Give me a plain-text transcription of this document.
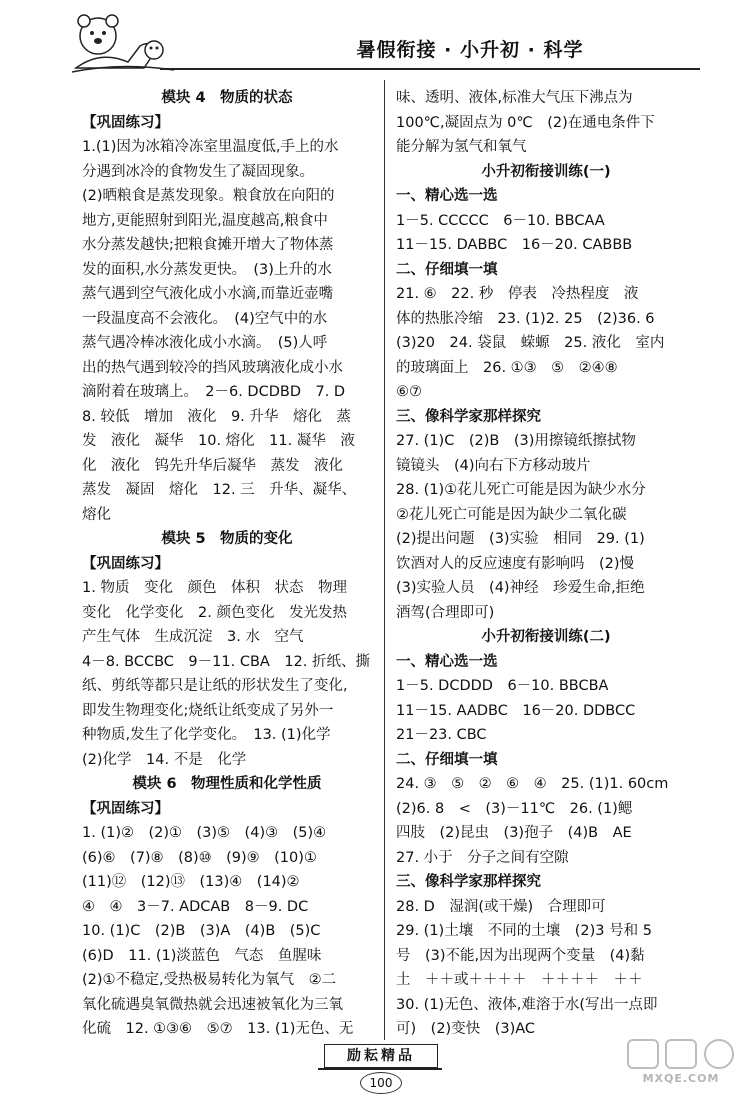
暑假衔接 · 小升初 · 科学
模块 4　物质的状态
【巩固练习】
1.(1)因为冰箱冷冻室里温度低,手上的水
分遇到冰冷的食物发生了凝固现象。
(2)晒粮食是蒸发现象。粮食放在向阳的
地方,更能照射到阳光,温度越高,粮食中
水分蒸发越快;把粮食摊开增大了物体蒸
发的面积,水分蒸发更快。　(3)上升的水
蒸气遇到空气液化成小水滴,而靠近壶嘴
一段温度高不会液化。　(4)空气中的水
蒸气遇冷棒冰液化成小水滴。　(5)人呼
出的热气遇到较冷的挡风玻璃液化成小水
滴附着在玻璃上。　2－6. DCDBD　7. D
8. 较低　增加　液化　9. 升华　熔化　蒸
发　液化　凝华　10. 熔化　11. 凝华　液
化　液化　钨先升华后凝华　蒸发　液化
蒸发　凝固　熔化　12. 三　升华、凝华、
熔化
模块 5　物质的变化
【巩固练习】
1. 物质　变化　颜色　体积　状态　物理
变化　化学变化　2. 颜色变化　发光发热
产生气体　生成沉淀　3. 水　空气
4－8. BCCBC　9－11. CBA　12. 折纸、撕
纸、剪纸等都只是让纸的形状发生了变化,
即发生物理变化;烧纸让纸变成了另外一
种物质,发生了化学变化。　13. (1)化学
(2)化学　14. 不是　化学
模块 6　物理性质和化学性质
【巩固练习】
1. (1)②　(2)①　(3)⑤　(4)③　(5)④
(6)⑥　(7)⑧　(8)⑩　(9)⑨　(10)①
(11)⑫　(12)⑬　(13)④　(14)②
④　④　3－7. ADCAB　8－9. DC
10. (1)C　(2)B　(3)A　(4)B　(5)C
(6)D　11. (1)淡蓝色　气态　鱼腥味
(2)①不稳定,受热极易转化为氧气　②二
氧化硫遇臭氧微热就会迅速被氧化为三氧
化硫　12. ①③⑥　⑤⑦　13. (1)无色、无
味、透明、液体,标准大气压下沸点为
100℃,凝固点为 0℃　(2)在通电条件下
能分解为氢气和氧气
小升初衔接训练(一)
一、精心选一选
1－5. CCCCC　6－10. BBCAA
11－15. DABBC　16－20. CABBB
二、仔细填一填
21. ⑥　22. 秒　停表　冷热程度　液
体的热胀冷缩　23. (1)2. 25　(2)36. 6
(3)20　24. 袋鼠　蝾螈　25. 液化　室内
的玻璃面上　26. ①③　⑤　②④⑧
⑥⑦
三、像科学家那样探究
27. (1)C　(2)B　(3)用擦镜纸擦拭物
镜镜头　(4)向右下方移动玻片
28. (1)①花儿死亡可能是因为缺少水分
②花儿死亡可能是因为缺少二氧化碳
(2)提出问题　(3)实验　相同　29. (1)
饮酒对人的反应速度有影响吗　(2)慢
(3)实验人员　(4)神经　珍爱生命,拒绝
酒驾(合理即可)
小升初衔接训练(二)
一、精心选一选
1－5. DCDDD　6－10. BBCBA
11－15. AADBC　16－20. DDBCC
21－23. CBC
二、仔细填一填
24. ③　⑤　②　⑥　④　25. (1)1. 60cm
(2)6. 8　<　(3)－11℃　26. (1)鳃
四肢　(2)昆虫　(3)孢子　(4)B　AE
27. 小于　分子之间有空隙
三、像科学家那样探究
28. D　湿润(或干燥)　合理即可
29. (1)土壤　不同的土壤　(2)3 号和 5
号　(3)不能,因为出现两个变量　(4)黏
土　＋＋或＋＋＋＋　＋＋＋＋　＋＋
30. (1)无色、液体,难溶于水(写出一点即
可)　(2)变快　(3)AC
励耘精品
100	MXQE.COM
